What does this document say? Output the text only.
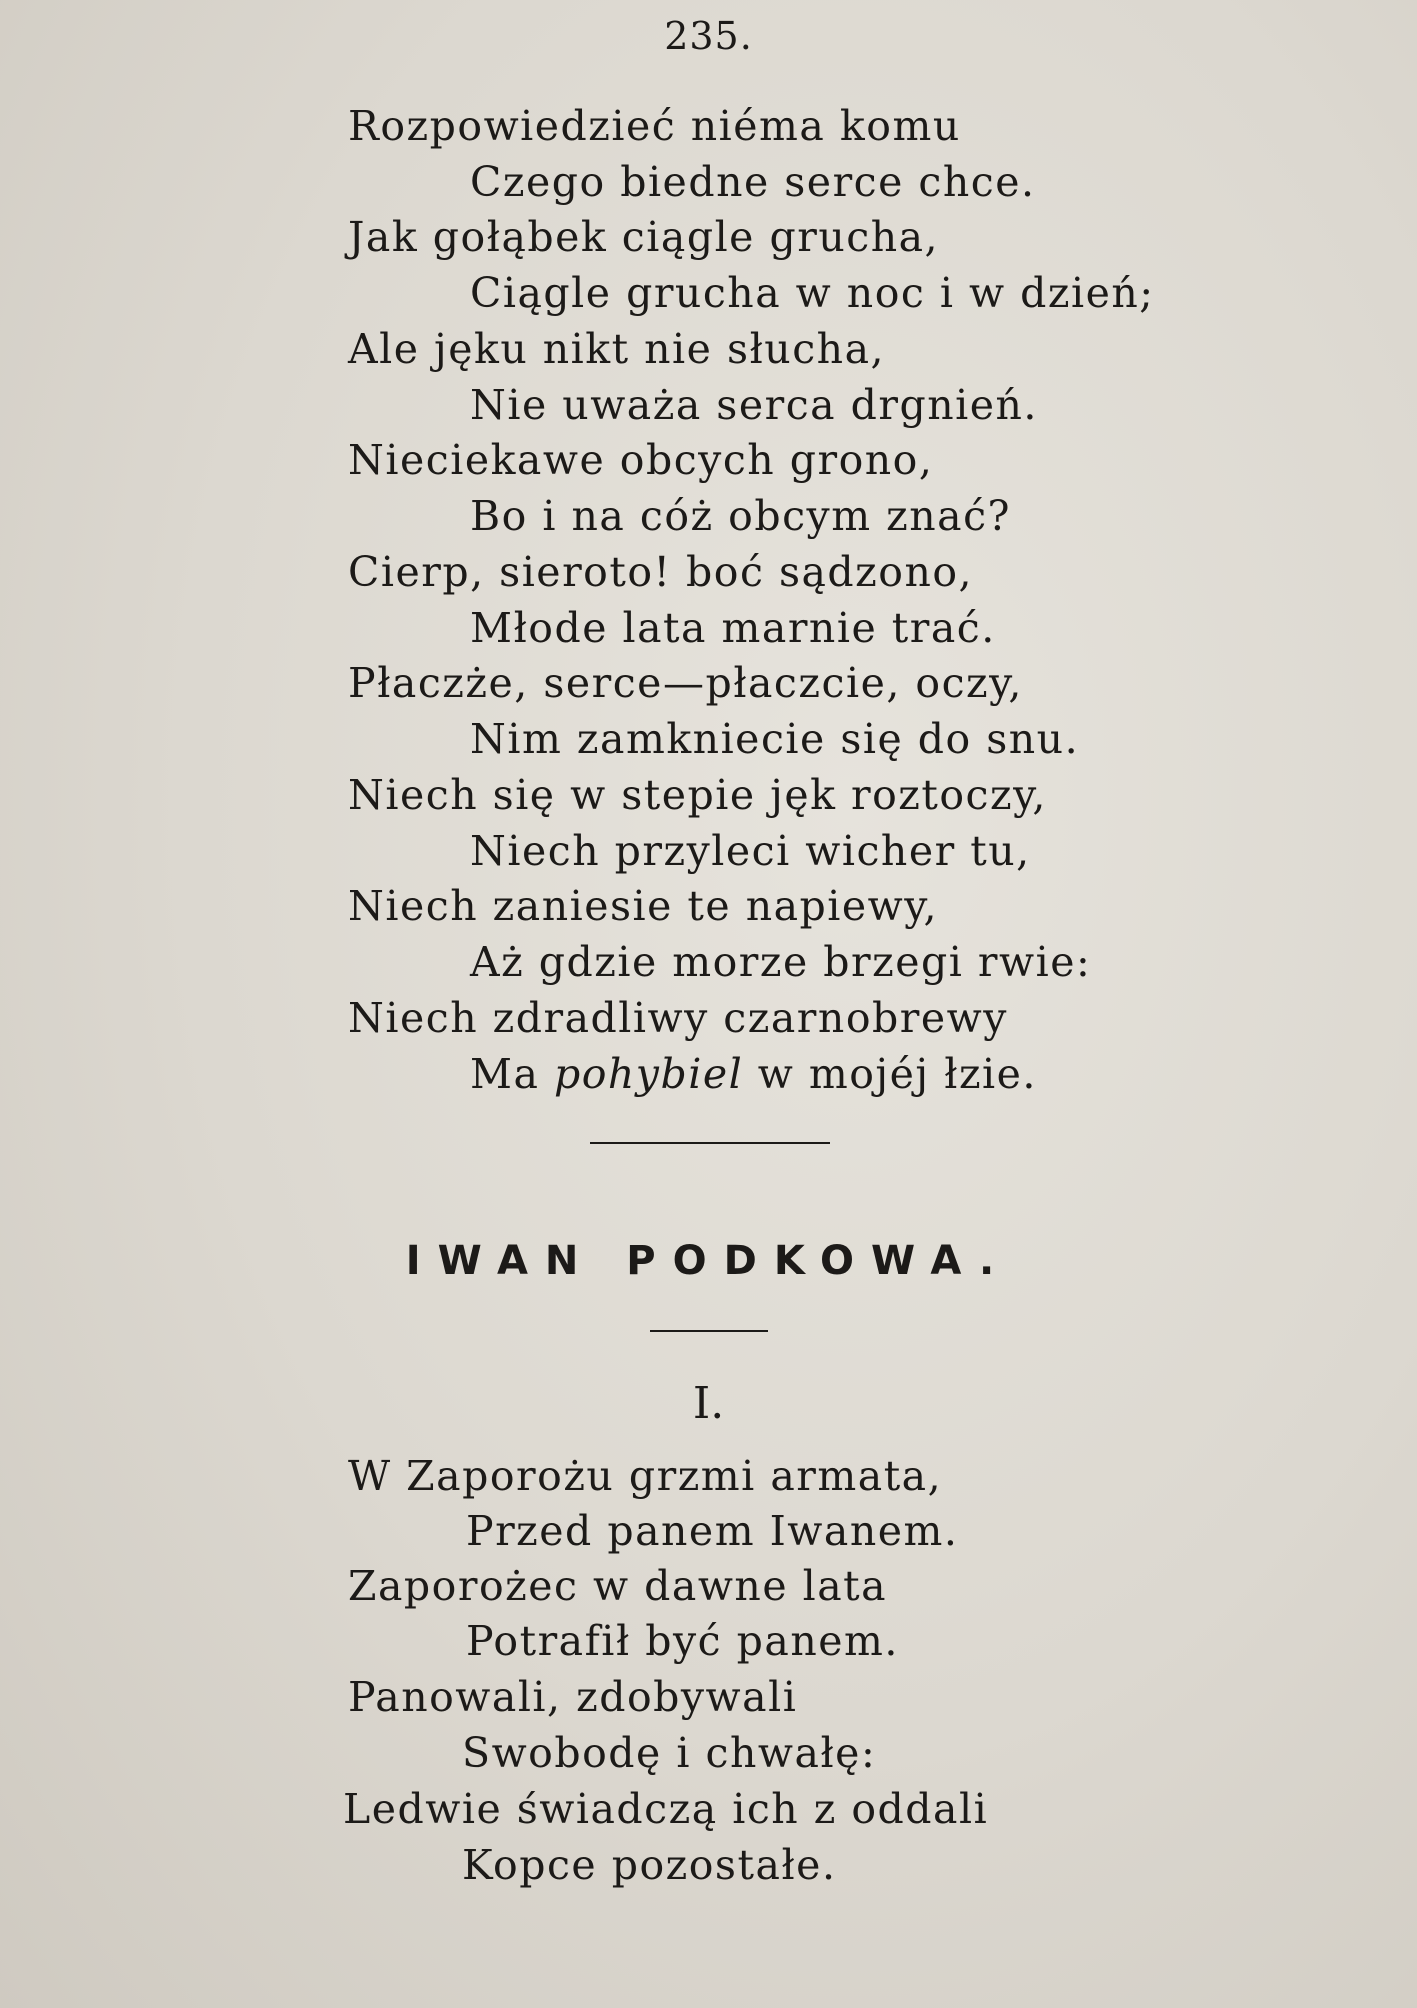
235.
Rozpowiedzieć niéma komu
Czego biedne serce chce.
Jak gołąbek ciągle grucha,
Ciągle grucha w noc i w dzień;
Ale jęku nikt nie słucha,
Nie uważa serca drgnień.
Nieciekawe obcych grono,
Bo i na cóż obcym znać?
Cierp, sieroto! boć sądzono,
Młode lata marnie trać.
Płaczże, serce—płaczcie, oczy,
Nim zamkniecie się do snu.
Niech się w stepie jęk roztoczy,
Niech przyleci wicher tu,
Niech zaniesie te napiewy,
Aż gdzie morze brzegi rwie:
Niech zdradliwy czarnobrewy
Ma pohybiel w mojéj łzie.
IWAN PODKOWA.
I.
W Zaporożu grzmi armata,
Przed panem Iwanem.
Zaporożec w dawne lata
Potrafił być panem.
Panowali, zdobywali
Swobodę i chwałę:
Ledwie świadczą ich z oddali
Kopce pozostałe.
